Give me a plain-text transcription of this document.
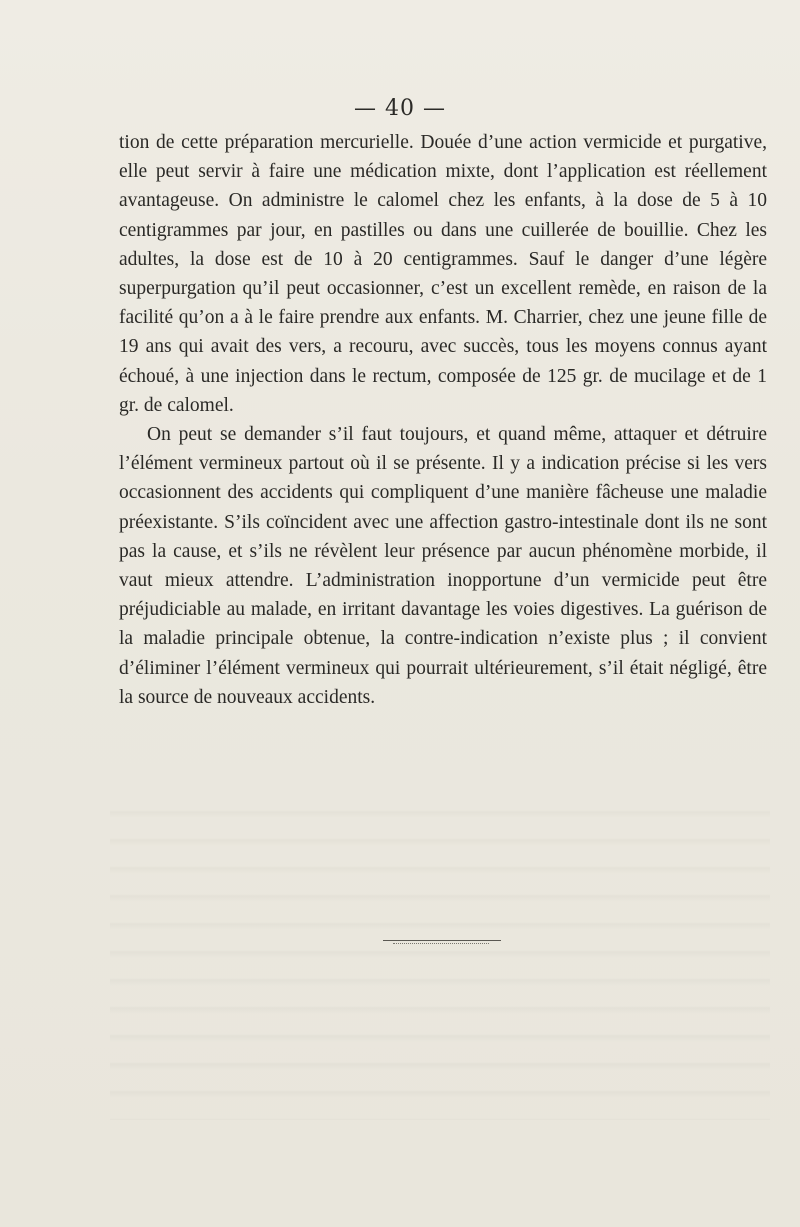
— 40 —

tion de cette préparation mercurielle. Douée d’une action vermicide et purgative, elle peut servir à faire une médication mixte, dont l’application est réellement avantageuse. On administre le calomel chez les enfants, à la dose de 5 à 10 centigrammes par jour, en pastilles ou dans une cuillerée de bouillie. Chez les adultes, la dose est de 10 à 20 centigrammes. Sauf le danger d’une légère superpurgation qu’il peut occasionner, c’est un excellent remède, en raison de la facilité qu’on a à le faire prendre aux enfants. M. Charrier, chez une jeune fille de 19 ans qui avait des vers, a recouru, avec succès, tous les moyens connus ayant échoué, à une injection dans le rectum, composée de 125 gr. de mucilage et de 1 gr. de calomel.

On peut se demander s’il faut toujours, et quand même, attaquer et détruire l’élément vermineux partout où il se présente. Il y a indication précise si les vers occasionnent des accidents qui compliquent d’une manière fâcheuse une maladie préexistante. S’ils coïncident avec une affection gastro-intestinale dont ils ne sont pas la cause, et s’ils ne révèlent leur présence par aucun phénomène morbide, il vaut mieux attendre. L’administration inopportune d’un vermicide peut être préjudiciable au malade, en irritant davantage les voies digestives. La guérison de la maladie principale obtenue, la contre-indication n’existe plus ; il convient d’éliminer l’élément vermineux qui pourrait ultérieurement, s’il était négligé, être la source de nouveaux accidents.
